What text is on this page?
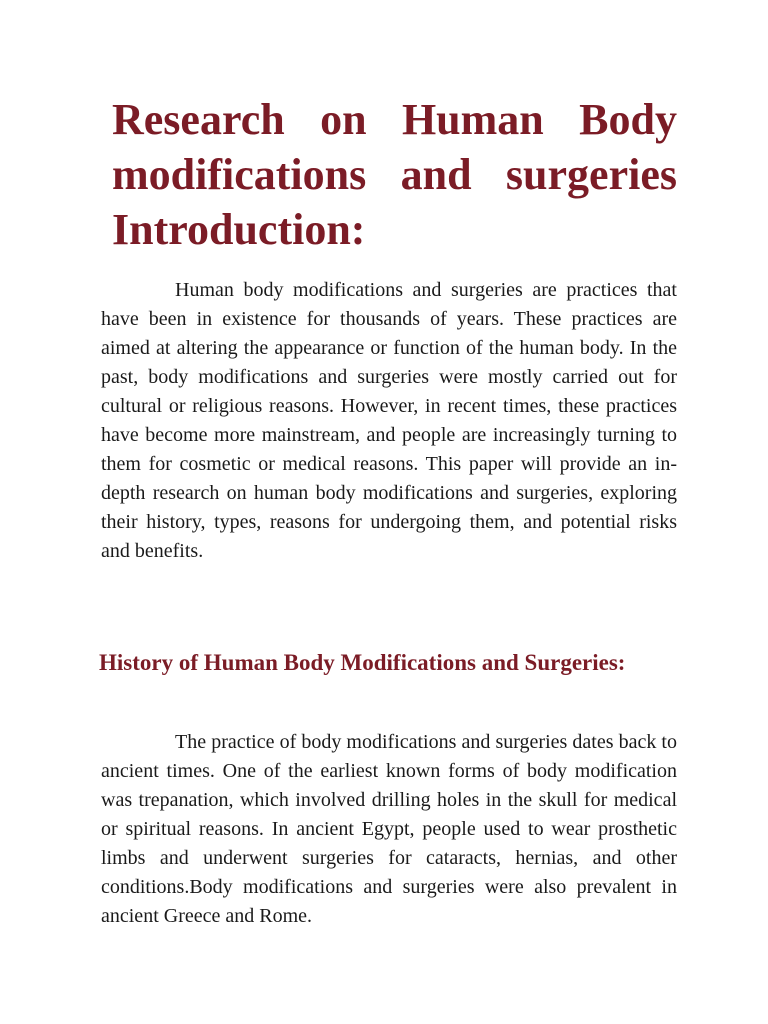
Research on Human Body
modifications and surgeries
Introduction:

Human body modifications and surgeries are practices that have been in existence for thousands of years. These practices are aimed at altering the appearance or function of the human body. In the past, body modifications and surgeries were mostly carried out for cultural or religious reasons. However, in recent times, these practices have become more mainstream, and people are increasingly turning to them for cosmetic or medical reasons. This paper will provide an in-depth research on human body modifications and surgeries, exploring their history, types, reasons for undergoing them, and potential risks and benefits.

History of Human Body Modifications and Surgeries:

The practice of body modifications and surgeries dates back to ancient times. One of the earliest known forms of body modification was trepanation, which involved drilling holes in the skull for medical or spiritual reasons. In ancient Egypt, people used to wear prosthetic limbs and underwent surgeries for cataracts, hernias, and other conditions.Body modifications and surgeries were also prevalent in ancient Greece and Rome.
